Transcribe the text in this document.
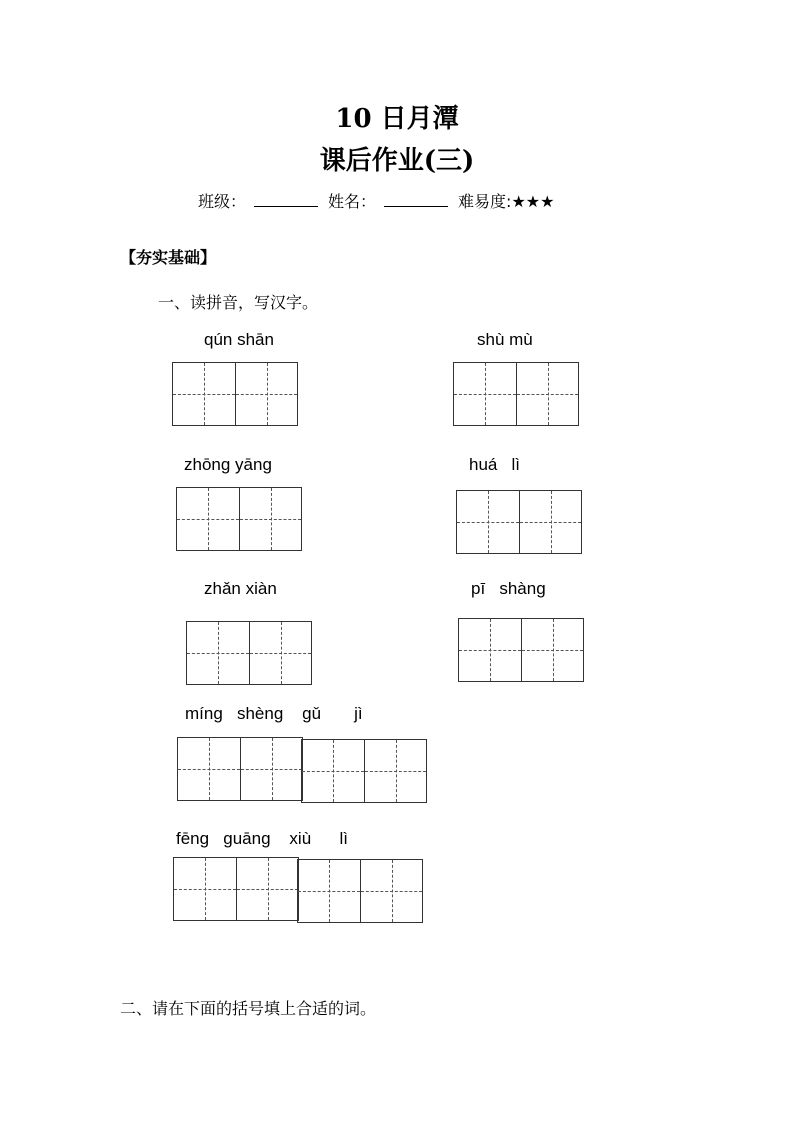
10 日月潭
课后作业(三)
班级：	姓名：	难易度:★★★
【夯实基础】
一、读拼音，写汉字。
qún shān	shù mù
zhōng yāng	huá   lì
zhǎn xiàn	pī   shàng
míng   shèng    gǔ       jì
fēng   guāng    xiù      lì
二、请在下面的括号填上合适的词。
